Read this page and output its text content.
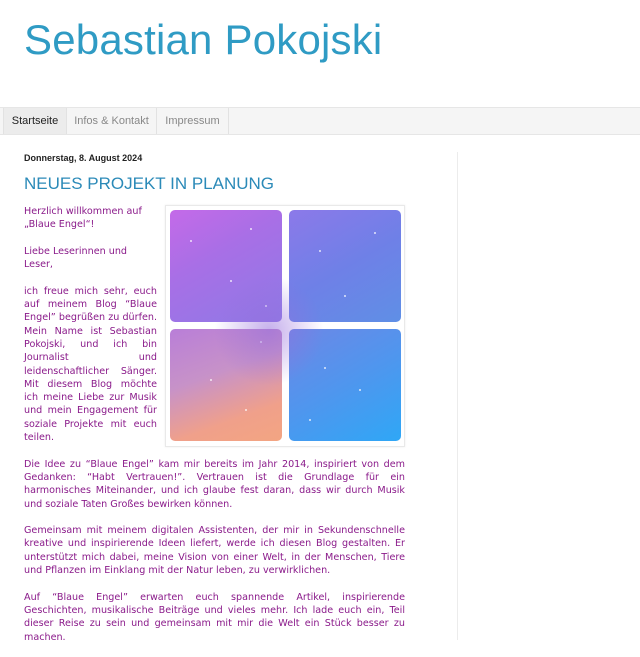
Sebastian Pokojski
Startseite	Infos & Kontakt	Impressum
Donnerstag, 8. August 2024
NEUES PROJEKT IN PLANUNG

Herzlich willkommen auf „Blaue Engel“!

Liebe Leserinnen und Leser,

ich freue mich sehr, euch auf meinem Blog “Blaue Engel” begrüßen zu dürfen. Mein Name ist Sebastian Pokojski, und ich bin Journalist und leidenschaftlicher Sänger. Mit diesem Blog möchte ich meine Liebe zur Musik und mein Engagement für soziale Projekte mit euch teilen.

Die Idee zu “Blaue Engel” kam mir bereits im Jahr 2014, inspiriert von dem Gedanken: “Habt Vertrauen!”. Vertrauen ist die Grundlage für ein harmonisches Miteinander, und ich glaube fest daran, dass wir durch Musik und soziale Taten Großes bewirken können.

Gemeinsam mit meinem digitalen Assistenten, der mir in Sekundenschnelle kreative und inspirierende Ideen liefert, werde ich diesen Blog gestalten. Er unterstützt mich dabei, meine Vision von einer Welt, in der Menschen, Tiere und Pflanzen im Einklang mit der Natur leben, zu verwirklichen.

Auf “Blaue Engel” erwarten euch spannende Artikel, inspirierende Geschichten, musikalische Beiträge und vieles mehr. Ich lade euch ein, Teil dieser Reise zu sein und gemeinsam mit mir die Welt ein Stück besser zu machen.
